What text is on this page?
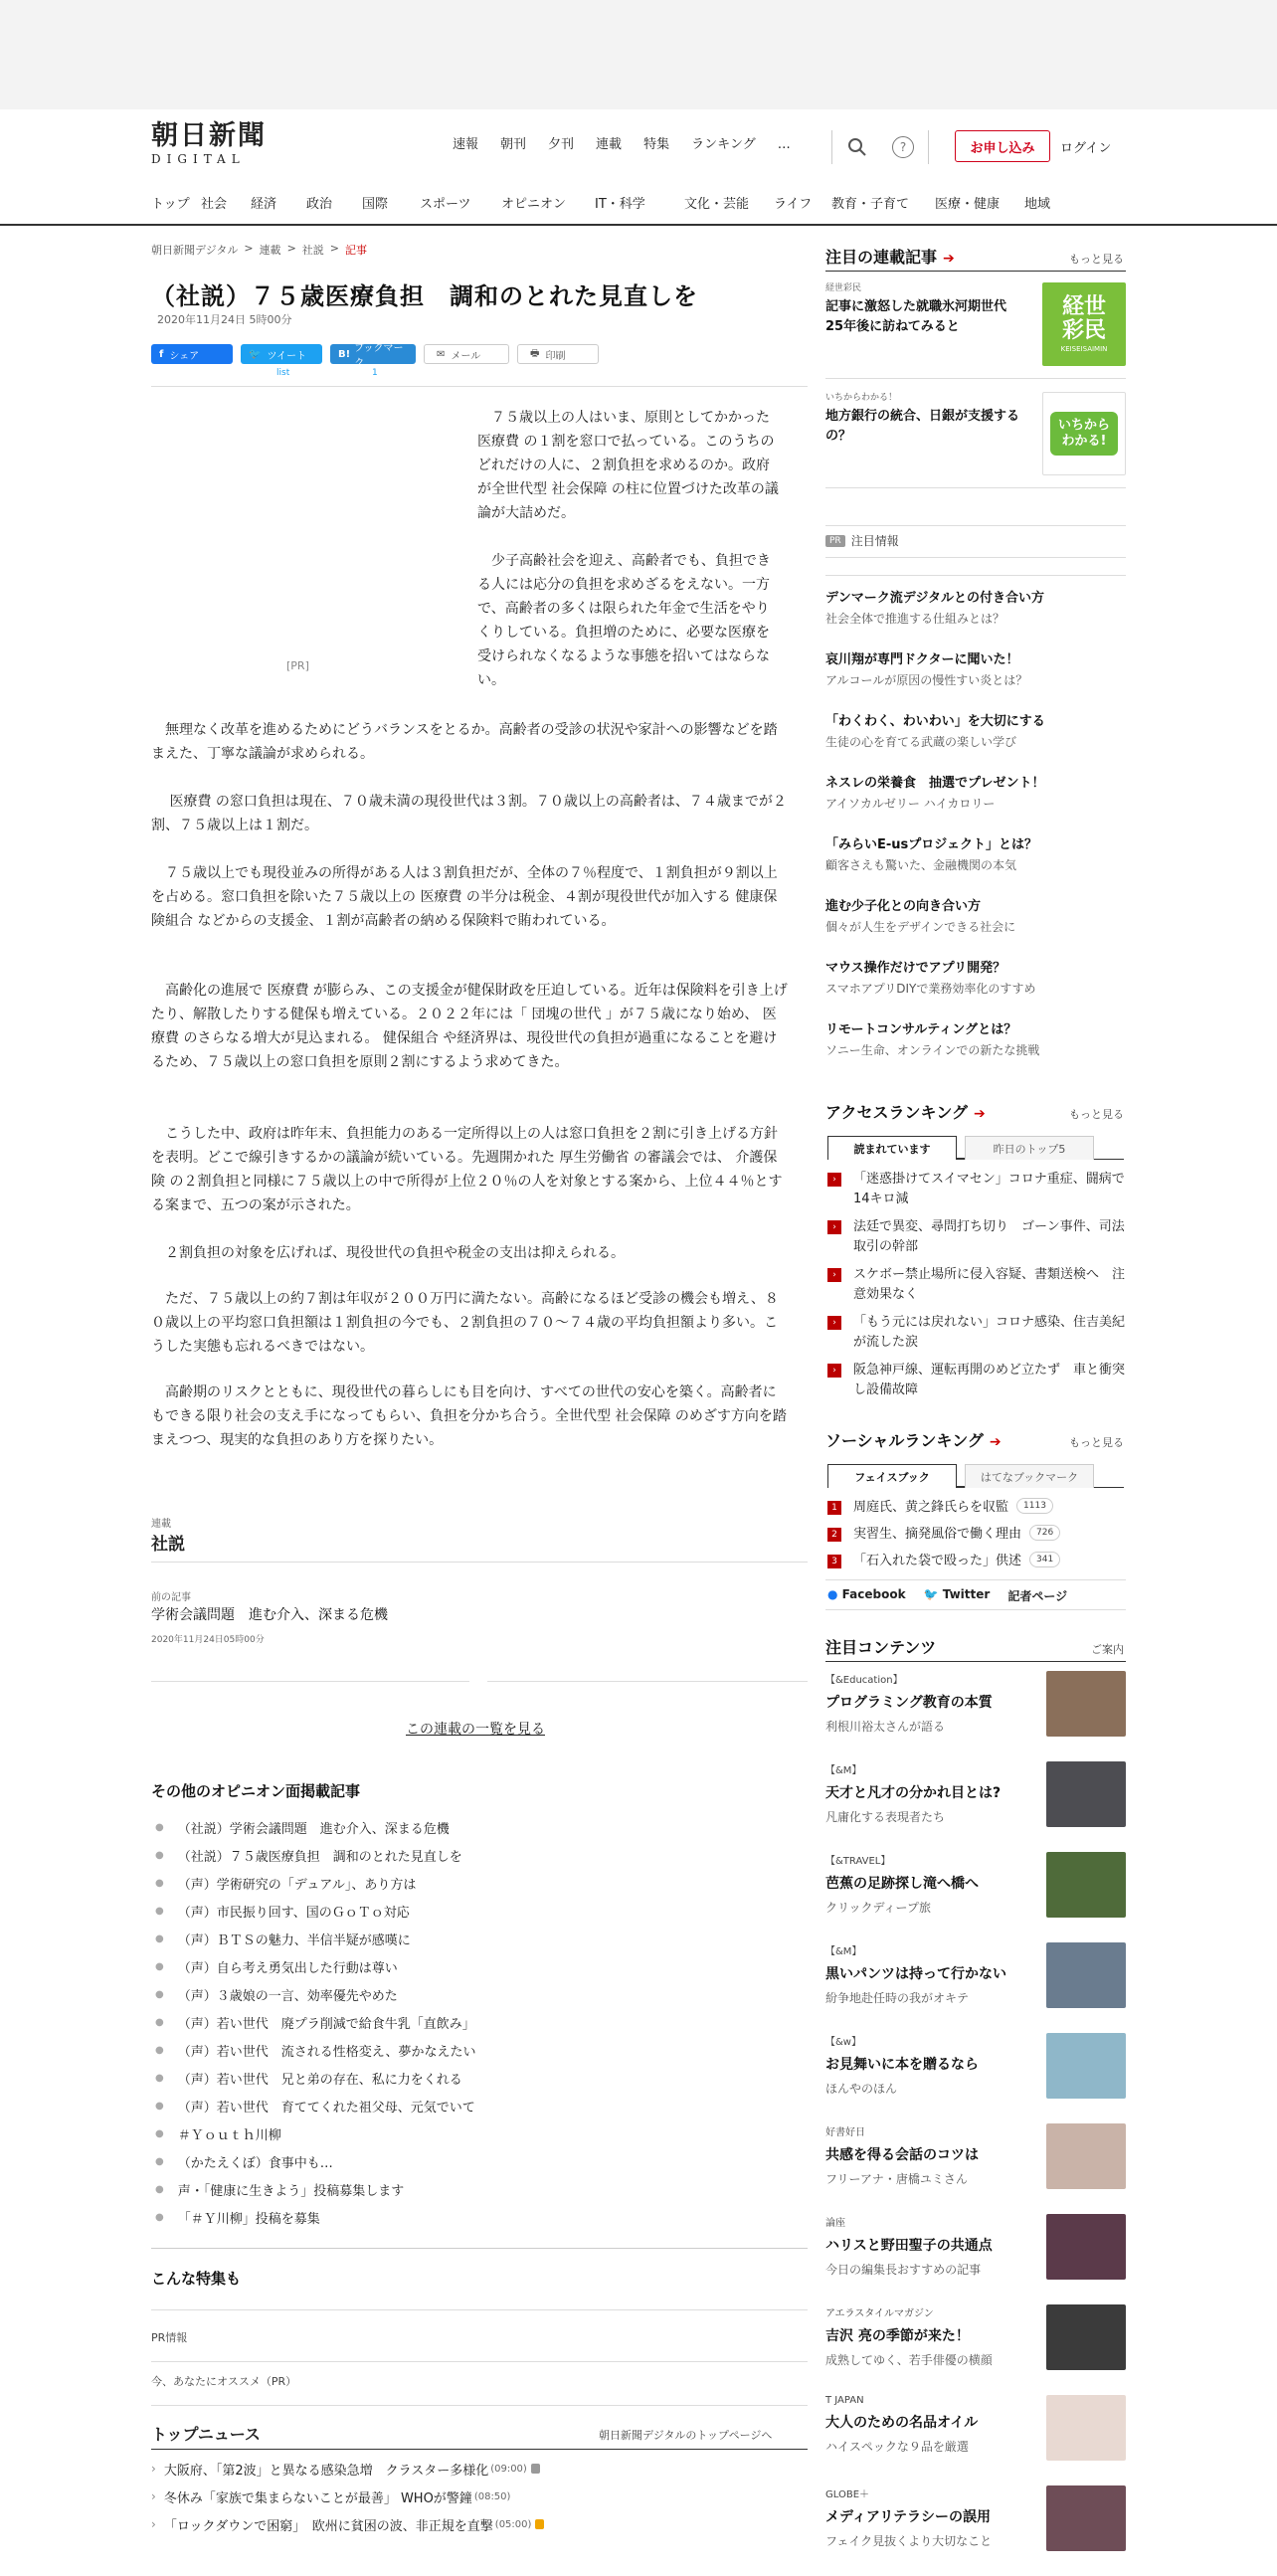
朝日新聞
DIGITAL
速報 朝刊 夕刊 連載 特集 ランキング …	?	お申し込み	ログイン
トップ 社会	経済	政治	国際	スポーツ	オピニオン	IT・科学	文化・芸能	ライフ	教育・子育て	医療・健康	地域
朝日新聞デジタル > 連載 > 社説 > 記事
（社説）７５歳医療負担　調和のとれた見直しを
2020年11月24日 5時00分
f シェア	🐦 ツイート	B! ブックマーク
✉ メール	🖶 印刷
list	1
[PR]
　７５歳以上の人はいま、原則としてかかった 医療費 の１割を窓口で払っている。このうちのどれだけの人に、２割負担を求めるのか。政府が全世代型 社会保障 の柱に位置づけた改革の議論が大詰めだ。
　少子高齢社会を迎え、高齢者でも、負担できる人には応分の負担を求めざるをえない。一方で、高齢者の多くは限られた年金で生活をやりくりしている。負担増のために、必要な医療を受けられなくなるような事態を招いてはならない。
　無理なく改革を進めるためにどうバランスをとるか。高齢者の受診の状況や家計への影響などを踏まえた、丁寧な議論が求められる。
　 医療費 の窓口負担は現在、７０歳未満の現役世代は３割。７０歳以上の高齢者は、７４歳までが２割、７５歳以上は１割だ。
　７５歳以上でも現役並みの所得がある人は３割負担だが、全体の７％程度で、１割負担が９割以上を占める。窓口負担を除いた７５歳以上の 医療費 の半分は税金、４割が現役世代が加入する 健康保険組合 などからの支援金、１割が高齢者の納める保険料で賄われている。
　高齢化の進展で 医療費 が膨らみ、この支援金が健保財政を圧迫している。近年は保険料を引き上げたり、解散したりする健保も増えている。２０２２年には「 団塊の世代 」が７５歳になり始め、 医療費 のさらなる増大が見込まれる。 健保組合 や経済界は、現役世代の負担が過重になることを避けるため、７５歳以上の窓口負担を原則２割にするよう求めてきた。
　こうした中、政府は昨年末、負担能力のある一定所得以上の人は窓口負担を２割に引き上げる方針を表明。どこで線引きするかの議論が続いている。先週開かれた 厚生労働省 の審議会では、 介護保険 の２割負担と同様に７５歳以上の中で所得が上位２０％の人を対象とする案から、上位４４％とする案まで、五つの案が示された。
　２割負担の対象を広げれば、現役世代の負担や税金の支出は抑えられる。
　ただ、７５歳以上の約７割は年収が２００万円に満たない。高齢になるほど受診の機会も増え、８０歳以上の平均窓口負担額は１割負担の今でも、２割負担の７０～７４歳の平均負担額より多い。こうした実態も忘れるべきではない。
　高齢期のリスクとともに、現役世代の暮らしにも目を向け、すべての世代の安心を築く。高齢者にもできる限り社会の支え手になってもらい、負担を分かち合う。全世代型 社会保障 のめざす方向を踏まえつつ、現実的な負担のあり方を探りたい。
連載
社説
前の記事
学術会議問題　進む介入、深まる危機
2020年11月24日05時00分
この連載の一覧を見る
その他のオピニオン面掲載記事
● （社説）学術会議問題　進む介入、深まる危機
● （社説）７５歳医療負担　調和のとれた見直しを
● （声）学術研究の「デュアル」、あり方は
● （声）市民振り回す、国のＧｏＴｏ対応
● （声）ＢＴＳの魅力、半信半疑が感嘆に
● （声）自ら考え勇気出した行動は尊い
● （声）３歳娘の一言、効率優先やめた
● （声）若い世代　廃プラ削減で給食牛乳「直飲み」
● （声）若い世代　流される性格変え、夢かなえたい
● （声）若い世代　兄と弟の存在、私に力をくれる
● （声）若い世代　育ててくれた祖父母、元気でいて
● ＃Ｙｏｕｔｈ川柳
● （かたえくぼ）食事中も…
● 声・「健康に生きよう」投稿募集します
● 「＃Ｙ川柳」投稿を募集
こんな特集も
PR情報
今、あなたにオススメ（PR）
トップニュース	朝日新聞デジタルのトップページへ
› 大阪府、「第2波」と異なる感染急増　クラスター多様化 (09:00)
› 冬休み「家族で集まらないことが最善」 WHOが警鐘 (08:50)
› 「ロックダウンで困窮」　欧州に貧困の波、非正規を直撃 (05:00)
注目の連載記事 ➔	もっと見る
経世彩民
記事に激怒した就職氷河期世代　25年後に訪ねてみると
経世彩民
KEISEISAIMIN
いちからわかる！
地方銀行の統合、日銀が支援するの？
いちから わかる!
PR 注目情報
デンマーク流デジタルとの付き合い方
社会全体で推進する仕組みとは？
哀川翔が専門ドクターに聞いた！
アルコールが原因の慢性すい炎とは？
「わくわく、わいわい」を大切にする
生徒の心を育てる武蔵の楽しい学び
ネスレの栄養食　抽選でプレゼント！
アイソカルゼリー ハイカロリー
「みらいE-usプロジェクト」とは？
顧客さえも驚いた、金融機関の本気
進む少子化との向き合い方
個々が人生をデザインできる社会に
マウス操作だけでアプリ開発？
スマホアプリDIYで業務効率化のすすめ
リモートコンサルティングとは？
ソニー生命、オンラインでの新たな挑戦
アクセスランキング ➔	もっと見る
読まれています	昨日のトップ5
›	「迷惑掛けてスイマセン」コロナ重症、闘病で14キロ減
›	法廷で異変、尋問打ち切り　ゴーン事件、司法取引の幹部
›	スケボー禁止場所に侵入容疑、書類送検へ　注意効果なく
›	「もう元には戻れない」コロナ感染、住吉美紀が流した涙
›	阪急神戸線、運転再開のめど立たず　車と衝突し設備故障
ソーシャルランキング ➔	もっと見る
フェイスブック	はてなブックマーク
1	周庭氏、黄之鋒氏らを収監	1113
2	実習生、摘発風俗で働く理由	726
3	「石入れた袋で殴った」供述	341
● Facebook 🐦 Twitter 記者ページ
注目コンテンツ	ご案内
【&Education】
プログラミング教育の本質
利根川裕太さんが語る
【&M】
天才と凡才の分かれ目とは?
凡庸化する表現者たち
【&TRAVEL】
芭蕉の足跡探し滝へ橋へ
クリックディープ旅
【&M】
黒いパンツは持って行かない
紛争地赴任時の我がオキテ
【&w】
お見舞いに本を贈るなら
ほんやのほん
好書好日
共感を得る会話のコツは
フリーアナ・唐橋ユミさん
論座
ハリスと野田聖子の共通点
今日の編集長おすすめの記事
アエラスタイルマガジン
吉沢 亮の季節が来た！
成熟してゆく、若手俳優の横顔
T JAPAN
大人のための名品オイル
ハイスペックな９品を厳選
GLOBE＋
メディアリテラシーの誤用
フェイク見抜くより大切なこと
